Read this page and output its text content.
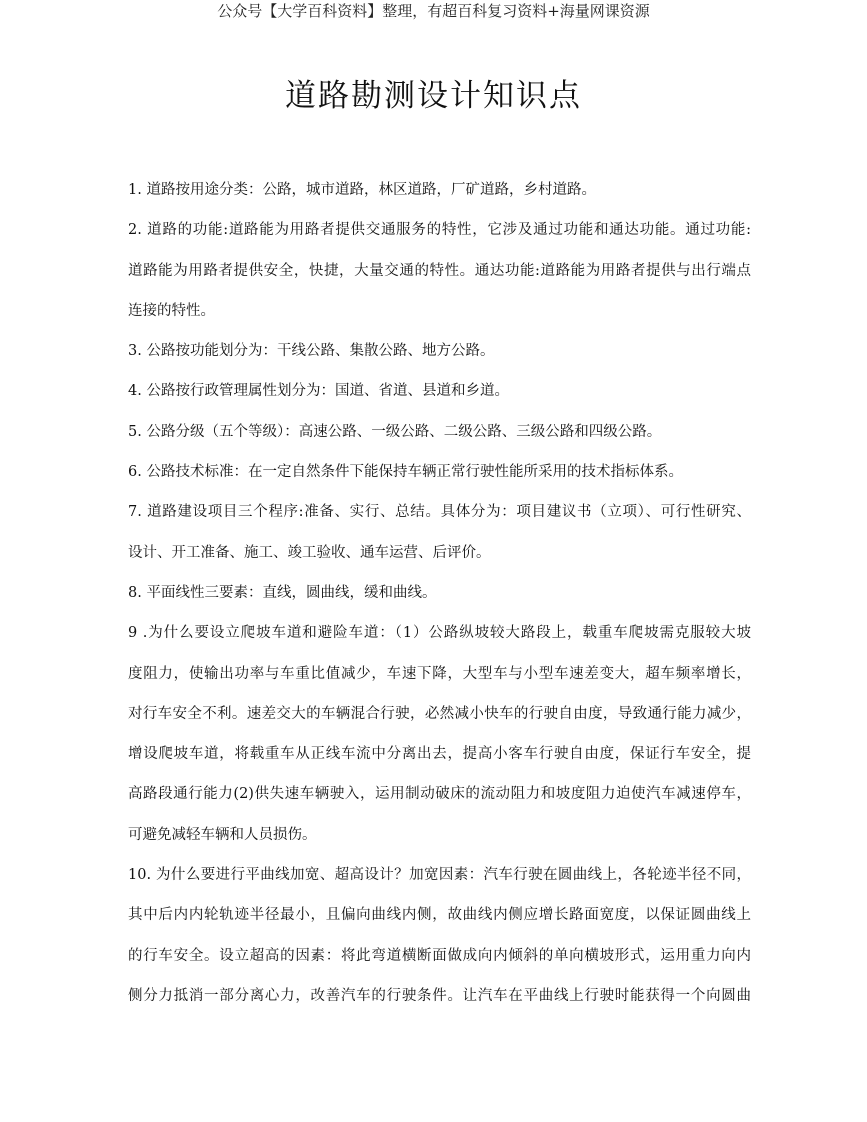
公众号【大学百科资料】整理，有超百科复习资料+海量网课资源
道路勘测设计知识点
1. 道路按用途分类：公路，城市道路，林区道路，厂矿道路，乡村道路。
2. 道路的功能:道路能为用路者提供交通服务的特性，它涉及通过功能和通达功能。通过功能:
道路能为用路者提供安全，快捷，大量交通的特性。通达功能:道路能为用路者提供与出行端点
连接的特性。
3. 公路按功能划分为：干线公路、集散公路、地方公路。
4. 公路按行政管理属性划分为：国道、省道、县道和乡道。
5. 公路分级（五个等级）：高速公路、一级公路、二级公路、三级公路和四级公路。
6. 公路技术标准：在一定自然条件下能保持车辆正常行驶性能所采用的技术指标体系。
7. 道路建设项目三个程序:准备、实行、总结。具体分为：项目建议书（立项）、可行性研究、
设计、开工准备、施工、竣工验收、通车运营、后评价。
8. 平面线性三要素：直线，圆曲线，缓和曲线。
9 .为什么要设立爬坡车道和避险车道：（1）公路纵坡较大路段上，载重车爬坡需克服较大坡
度阻力，使输出功率与车重比值减少，车速下降，大型车与小型车速差变大，超车频率增长，
对行车安全不利。速差交大的车辆混合行驶，必然减小快车的行驶自由度，导致通行能力减少，
增设爬坡车道，将载重车从正线车流中分离出去，提高小客车行驶自由度，保证行车安全，提
高路段通行能力(2)供失速车辆驶入，运用制动破床的流动阻力和坡度阻力迫使汽车减速停车，
可避免减轻车辆和人员损伤。
10. 为什么要进行平曲线加宽、超高设计？加宽因素：汽车行驶在圆曲线上，各轮迹半径不同，
其中后内内轮轨迹半径最小，且偏向曲线内侧，故曲线内侧应增长路面宽度，以保证圆曲线上
的行车安全。设立超高的因素：将此弯道横断面做成向内倾斜的单向横坡形式，运用重力向内
侧分力抵消一部分离心力，改善汽车的行驶条件。让汽车在平曲线上行驶时能获得一个向圆曲
